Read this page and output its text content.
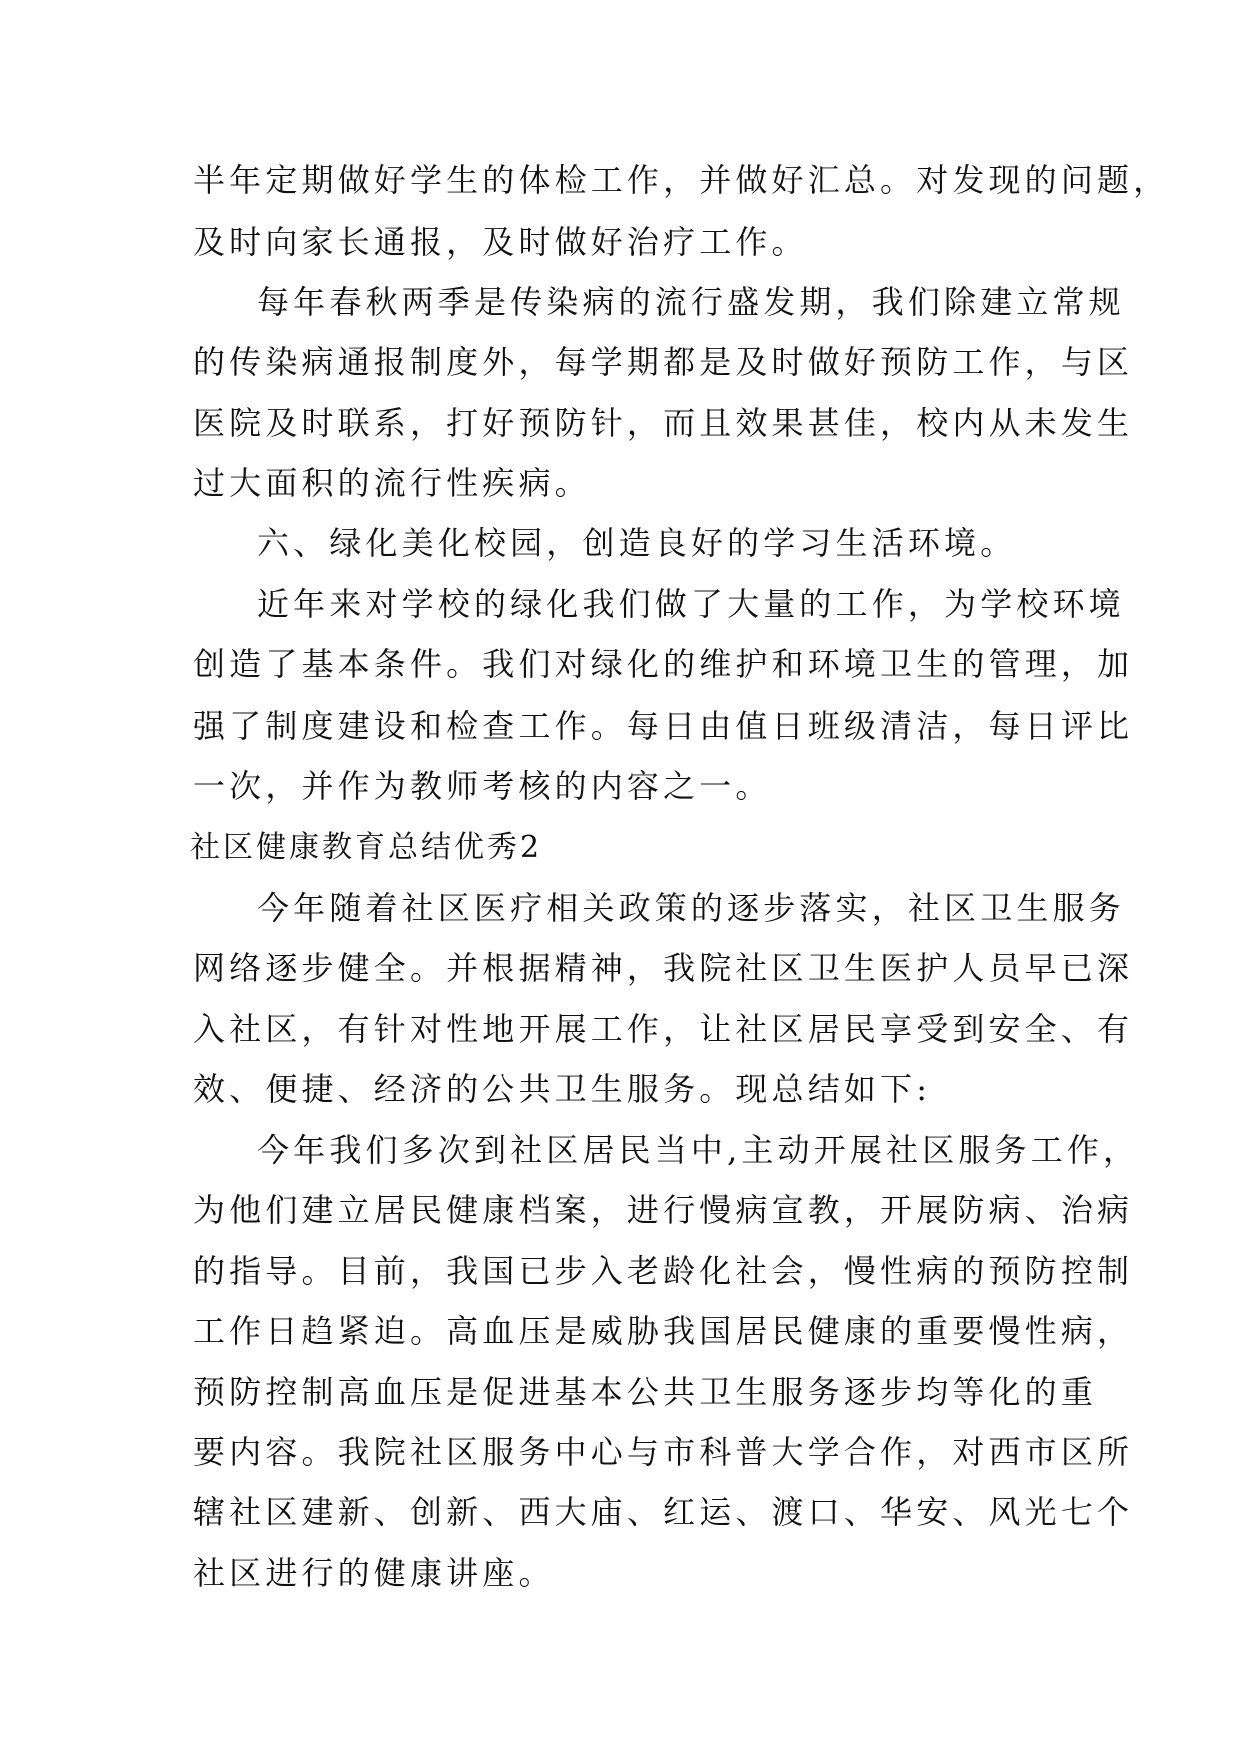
半年定期做好学生的体检工作，并做好汇总。对发现的问题，
及时向家长通报，及时做好治疗工作。
每年春秋两季是传染病的流行盛发期，我们除建立常规
的传染病通报制度外，每学期都是及时做好预防工作，与区
医院及时联系，打好预防针，而且效果甚佳，校内从未发生
过大面积的流行性疾病。
六、绿化美化校园，创造良好的学习生活环境。
近年来对学校的绿化我们做了大量的工作，为学校环境
创造了基本条件。我们对绿化的维护和环境卫生的管理，加
强了制度建设和检查工作。每日由值日班级清洁，每日评比
一次，并作为教师考核的内容之一。
社区健康教育总结优秀2
今年随着社区医疗相关政策的逐步落实，社区卫生服务
网络逐步健全。并根据精神，我院社区卫生医护人员早已深
入社区，有针对性地开展工作，让社区居民享受到安全、有
效、便捷、经济的公共卫生服务。现总结如下:
今年我们多次到社区居民当中,主动开展社区服务工作，
为他们建立居民健康档案，进行慢病宣教，开展防病、治病
的指导。目前，我国已步入老龄化社会，慢性病的预防控制
工作日趋紧迫。高血压是威胁我国居民健康的重要慢性病，
预防控制高血压是促进基本公共卫生服务逐步均等化的重
要内容。我院社区服务中心与市科普大学合作，对西市区所
辖社区建新、创新、西大庙、红运、渡口、华安、风光七个
社区进行的健康讲座。
